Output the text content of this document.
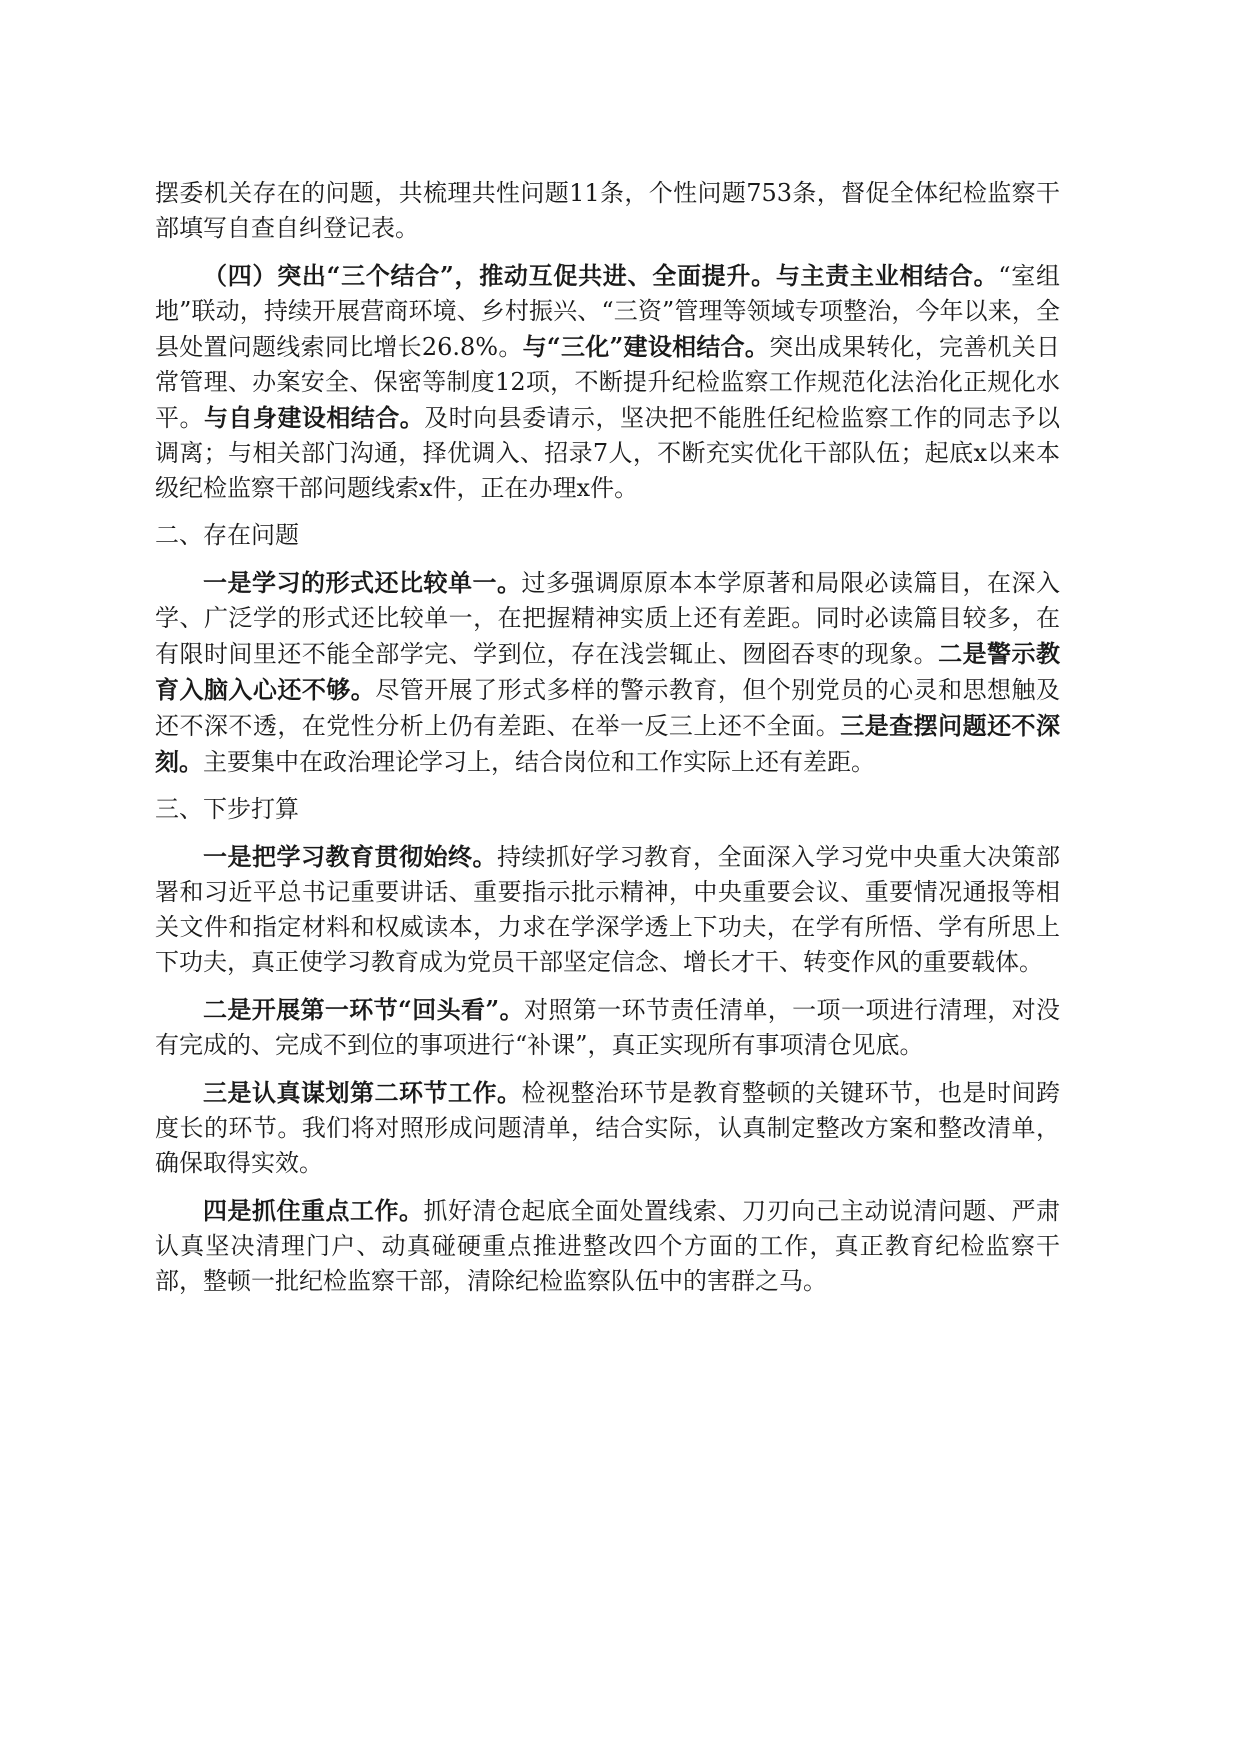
摆委机关存在的问题，共梳理共性问题11条，个性问题753条，督促全体纪检监察干部填写自查自纠登记表。

（四）突出“三个结合”，推动互促共进、全面提升。与主责主业相结合。“室组地”联动，持续开展营商环境、乡村振兴、“三资”管理等领域专项整治，今年以来，全县处置问题线索同比增长26.8%。与“三化”建设相结合。突出成果转化，完善机关日常管理、办案安全、保密等制度12项，不断提升纪检监察工作规范化法治化正规化水平。与自身建设相结合。及时向县委请示，坚决把不能胜任纪检监察工作的同志予以调离；与相关部门沟通，择优调入、招录7人，不断充实优化干部队伍；起底x以来本级纪检监察干部问题线索x件，正在办理x件。

二、存在问题

一是学习的形式还比较单一。过多强调原原本本学原著和局限必读篇目，在深入学、广泛学的形式还比较单一，在把握精神实质上还有差距。同时必读篇目较多，在有限时间里还不能全部学完、学到位，存在浅尝辄止、囫囵吞枣的现象。二是警示教育入脑入心还不够。尽管开展了形式多样的警示教育，但个别党员的心灵和思想触及还不深不透，在党性分析上仍有差距、在举一反三上还不全面。三是查摆问题还不深刻。主要集中在政治理论学习上，结合岗位和工作实际上还有差距。

三、下步打算

一是把学习教育贯彻始终。持续抓好学习教育，全面深入学习党中央重大决策部署和习近平总书记重要讲话、重要指示批示精神，中央重要会议、重要情况通报等相关文件和指定材料和权威读本，力求在学深学透上下功夫，在学有所悟、学有所思上下功夫，真正使学习教育成为党员干部坚定信念、增长才干、转变作风的重要载体。

二是开展第一环节“回头看”。对照第一环节责任清单，一项一项进行清理，对没有完成的、完成不到位的事项进行“补课”，真正实现所有事项清仓见底。

三是认真谋划第二环节工作。检视整治环节是教育整顿的关键环节，也是时间跨度长的环节。我们将对照形成问题清单，结合实际，认真制定整改方案和整改清单，确保取得实效。

四是抓住重点工作。抓好清仓起底全面处置线索、刀刃向己主动说清问题、严肃认真坚决清理门户、动真碰硬重点推进整改四个方面的工作，真正教育纪检监察干部，整顿一批纪检监察干部，清除纪检监察队伍中的害群之马。
